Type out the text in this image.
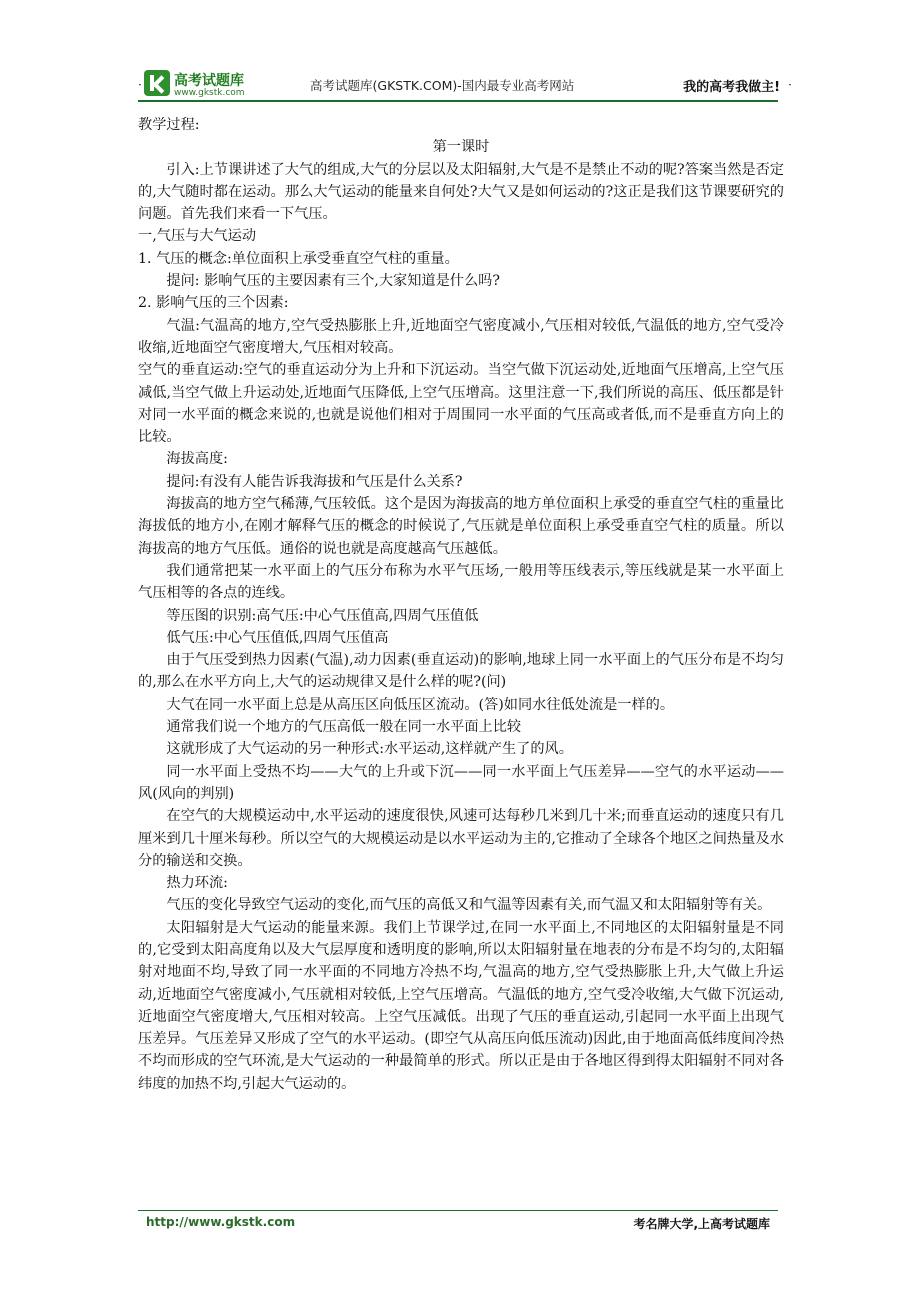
· 高考试题库
www.gkstk.com	高考试题库(GKSTK.COM)-国内最专业高考网站	我的高考我做主! ·

教学过程:

第一课时

引入:上节课讲述了大气的组成,大气的分层以及太阳辐射,大气是不是禁止不动的呢?答案当然是否定的,大气随时都在运动。那么大气运动的能量来自何处?大气又是如何运动的?这正是我们这节课要研究的问题。首先我们来看一下气压。

一,气压与大气运动

1. 气压的概念:单位面积上承受垂直空气柱的重量。

提问: 影响气压的主要因素有三个,大家知道是什么吗?

2. 影响气压的三个因素:

气温:气温高的地方,空气受热膨胀上升,近地面空气密度减小,气压相对较低,气温低的地方,空气受冷收缩,近地面空气密度增大,气压相对较高。

空气的垂直运动:空气的垂直运动分为上升和下沉运动。当空气做下沉运动处,近地面气压增高,上空气压减低,当空气做上升运动处,近地面气压降低,上空气压增高。这里注意一下,我们所说的高压、低压都是针对同一水平面的概念来说的,也就是说他们相对于周围同一水平面的气压高或者低,而不是垂直方向上的比较。

海拔高度:

提问:有没有人能告诉我海拔和气压是什么关系?

海拔高的地方空气稀薄,气压较低。这个是因为海拔高的地方单位面积上承受的垂直空气柱的重量比海拔低的地方小,在刚才解释气压的概念的时候说了,气压就是单位面积上承受垂直空气柱的质量。所以海拔高的地方气压低。通俗的说也就是高度越高气压越低。

我们通常把某一水平面上的气压分布称为水平气压场,一般用等压线表示,等压线就是某一水平面上气压相等的各点的连线。

等压图的识别:高气压:中心气压值高,四周气压值低

低气压:中心气压值低,四周气压值高

由于气压受到热力因素(气温),动力因素(垂直运动)的影响,地球上同一水平面上的气压分布是不均匀的,那么在水平方向上,大气的运动规律又是什么样的呢?(问)

大气在同一水平面上总是从高压区向低压区流动。(答)如同水往低处流是一样的。

通常我们说一个地方的气压高低一般在同一水平面上比较

这就形成了大气运动的另一种形式:水平运动,这样就产生了的风。

同一水平面上受热不均——大气的上升或下沉——同一水平面上气压差异——空气的水平运动——风(风向的判别)

在空气的大规模运动中,水平运动的速度很快,风速可达每秒几米到几十米;而垂直运动的速度只有几厘米到几十厘米每秒。所以空气的大规模运动是以水平运动为主的,它推动了全球各个地区之间热量及水分的输送和交换。

热力环流:

气压的变化导致空气运动的变化,而气压的高低又和气温等因素有关,而气温又和太阳辐射等有关。

太阳辐射是大气运动的能量来源。我们上节课学过,在同一水平面上,不同地区的太阳辐射量是不同的,它受到太阳高度角以及大气层厚度和透明度的影响,所以太阳辐射量在地表的分布是不均匀的,太阳辐射对地面不均,导致了同一水平面的不同地方冷热不均,气温高的地方,空气受热膨胀上升,大气做上升运动,近地面空气密度减小,气压就相对较低,上空气压增高。气温低的地方,空气受冷收缩,大气做下沉运动,近地面空气密度增大,气压相对较高。上空气压减低。出现了气压的垂直运动,引起同一水平面上出现气压差异。气压差异又形成了空气的水平运动。(即空气从高压向低压流动)因此,由于地面高低纬度间冷热不均而形成的空气环流,是大气运动的一种最简单的形式。所以正是由于各地区得到得太阳辐射不同对各纬度的加热不均,引起大气运动的。

http://www.gkstk.com	考名牌大学,上高考试题库
